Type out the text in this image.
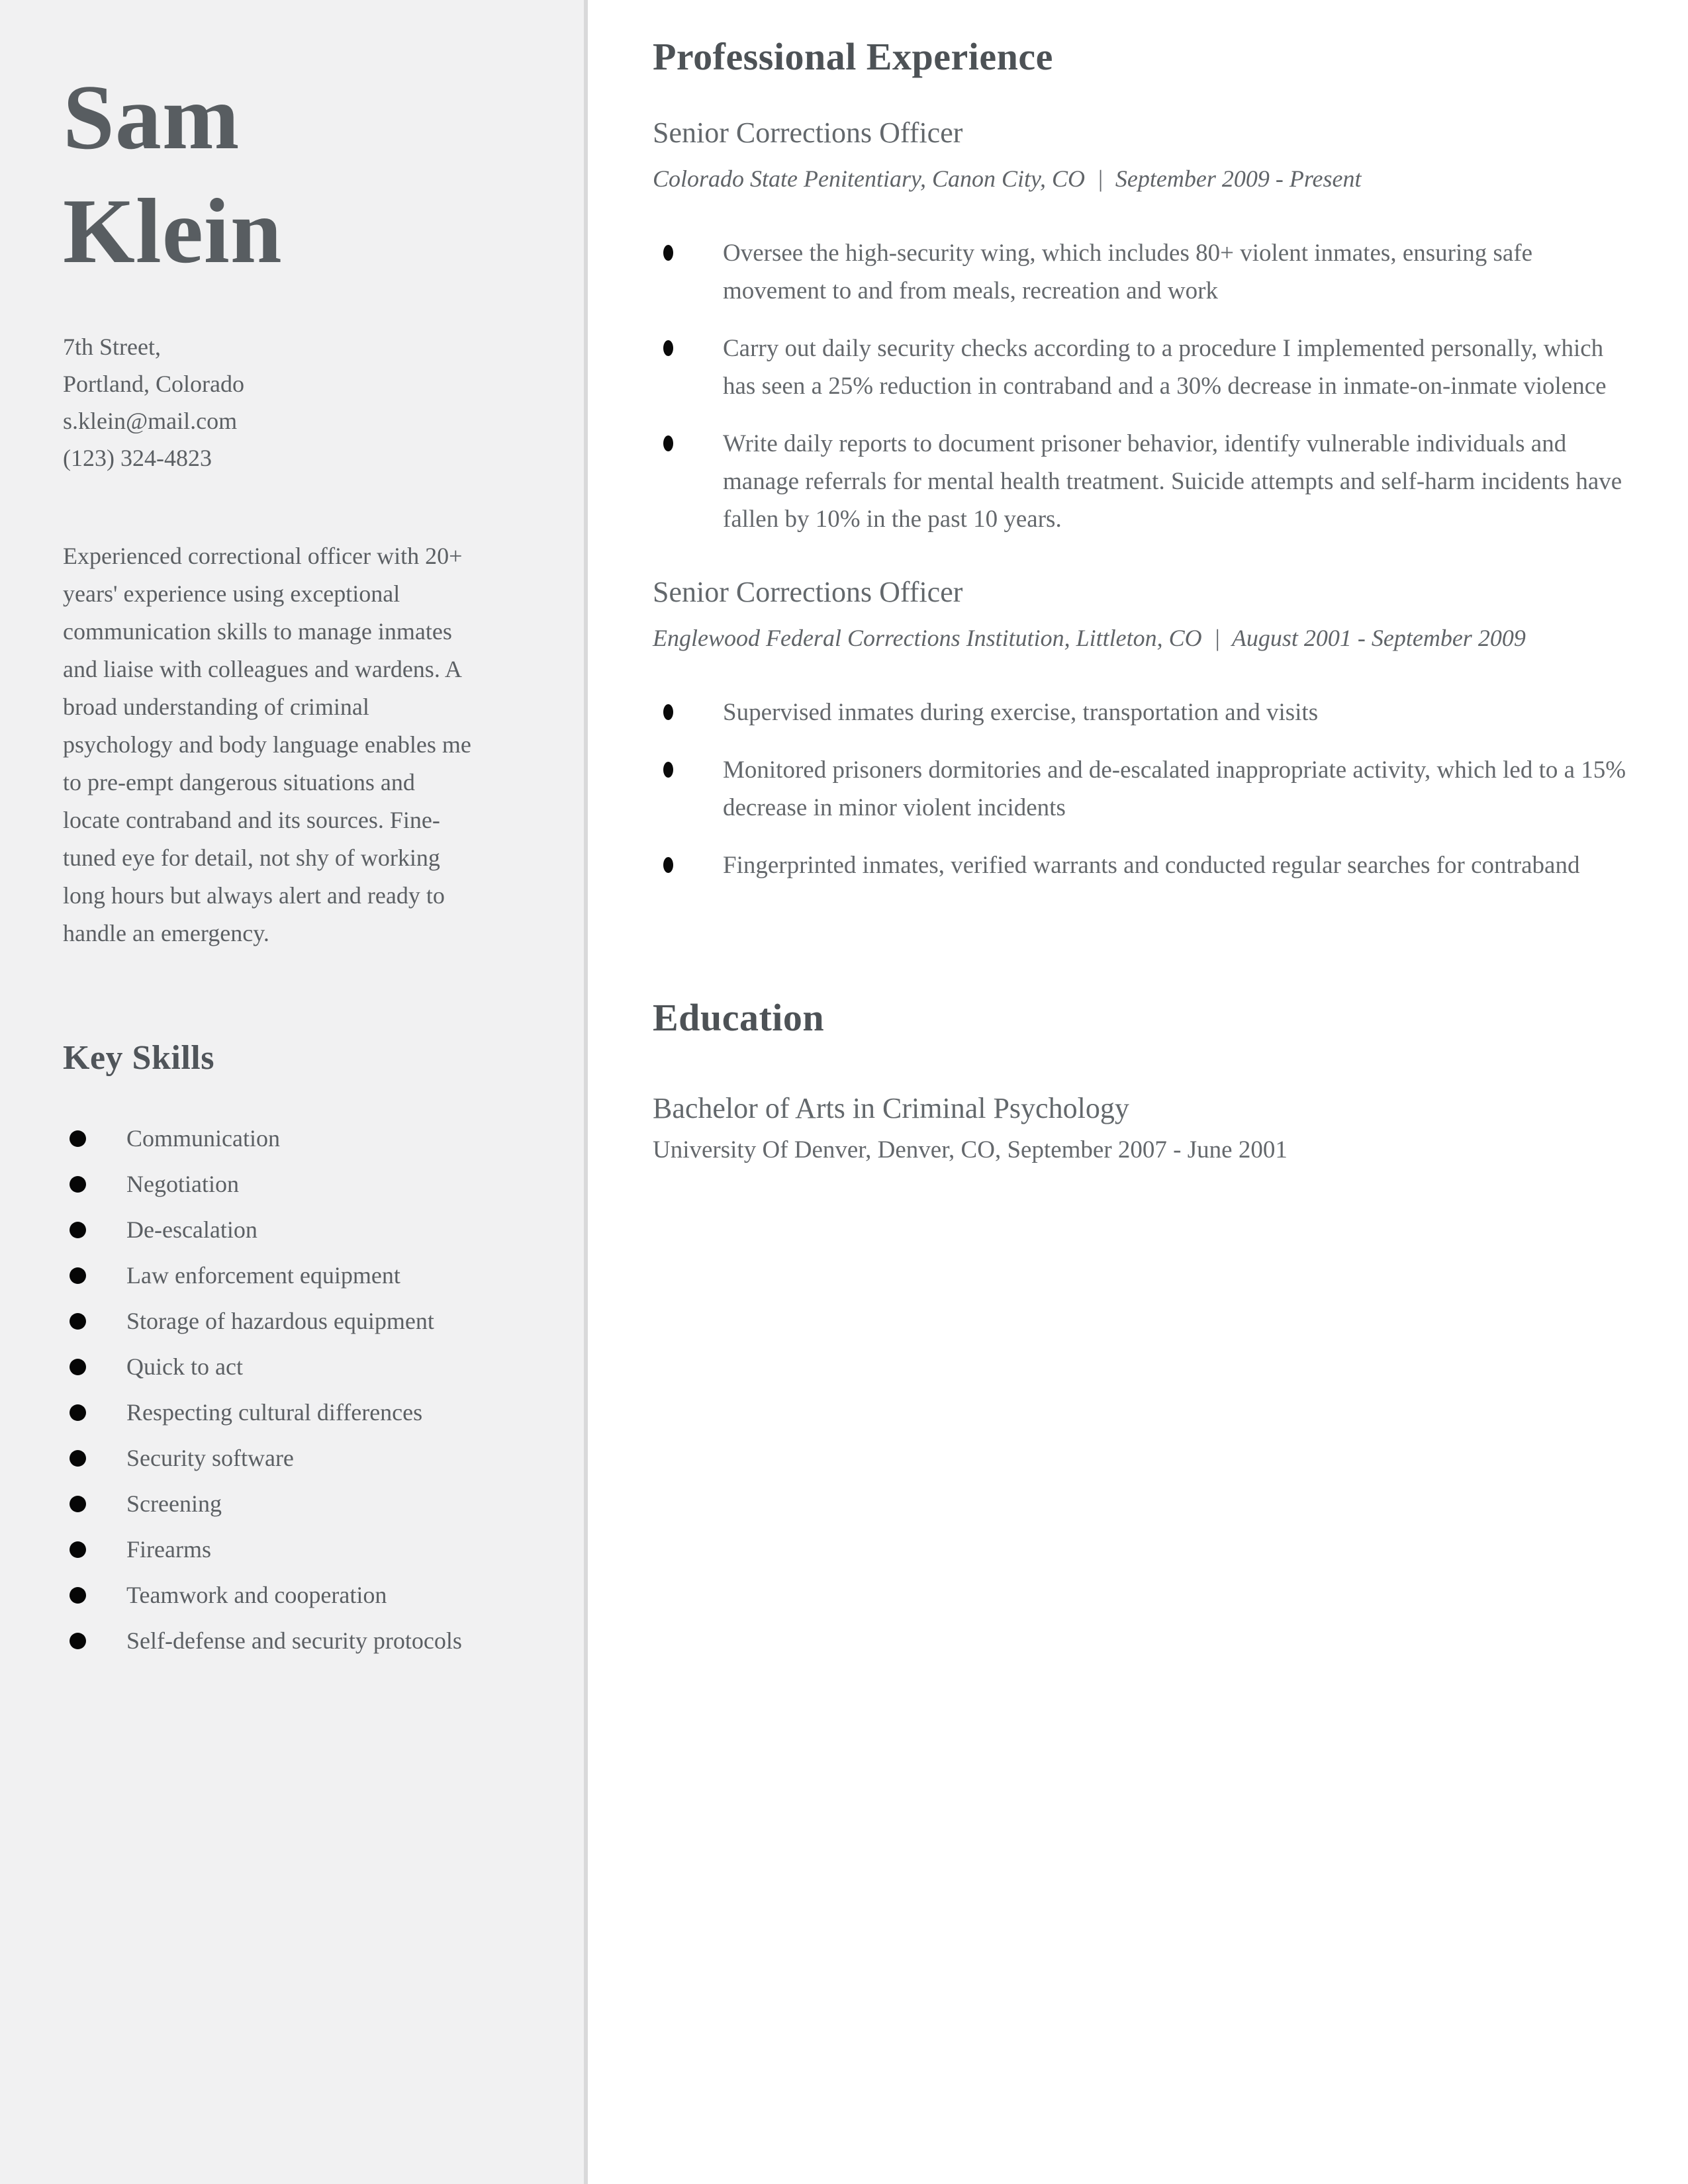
Sam
Klein
7th Street,
Portland, Colorado
s.klein@mail.com
(123) 324-4823

Experienced correctional officer with 20+ years' experience using exceptional communication skills to manage inmates and liaise with colleagues and wardens. A broad understanding of criminal psychology and body language enables me to pre-empt dangerous situations and locate contraband and its sources. Fine-tuned eye for detail, not shy of working long hours but always alert and ready to handle an emergency.

Key Skills
Communication
Negotiation
De-escalation
Law enforcement equipment
Storage of hazardous equipment
Quick to act
Respecting cultural differences
Security software
Screening
Firearms
Teamwork and cooperation
Self-defense and security protocols
Professional Experience
Senior Corrections Officer
Colorado State Penitentiary, Canon City, CO  |  September 2009 - Present
Oversee the high-security wing, which includes 80+ violent inmates, ensuring safe movement to and from meals, recreation and work
Carry out daily security checks according to a procedure I implemented personally, which has seen a 25% reduction in contraband and a 30% decrease in inmate-on-inmate violence
Write daily reports to document prisoner behavior, identify vulnerable individuals and manage referrals for mental health treatment. Suicide attempts and self-harm incidents have fallen by 10% in the past 10 years.
Senior Corrections Officer
Englewood Federal Corrections Institution, Littleton, CO  |  August 2001 - September 2009
Supervised inmates during exercise, transportation and visits
Monitored prisoners dormitories and de-escalated inappropriate activity, which led to a 15% decrease in minor violent incidents
Fingerprinted inmates, verified warrants and conducted regular searches for contraband
Education
Bachelor of Arts in Criminal Psychology
University Of Denver, Denver, CO, September 2007 - June 2001
